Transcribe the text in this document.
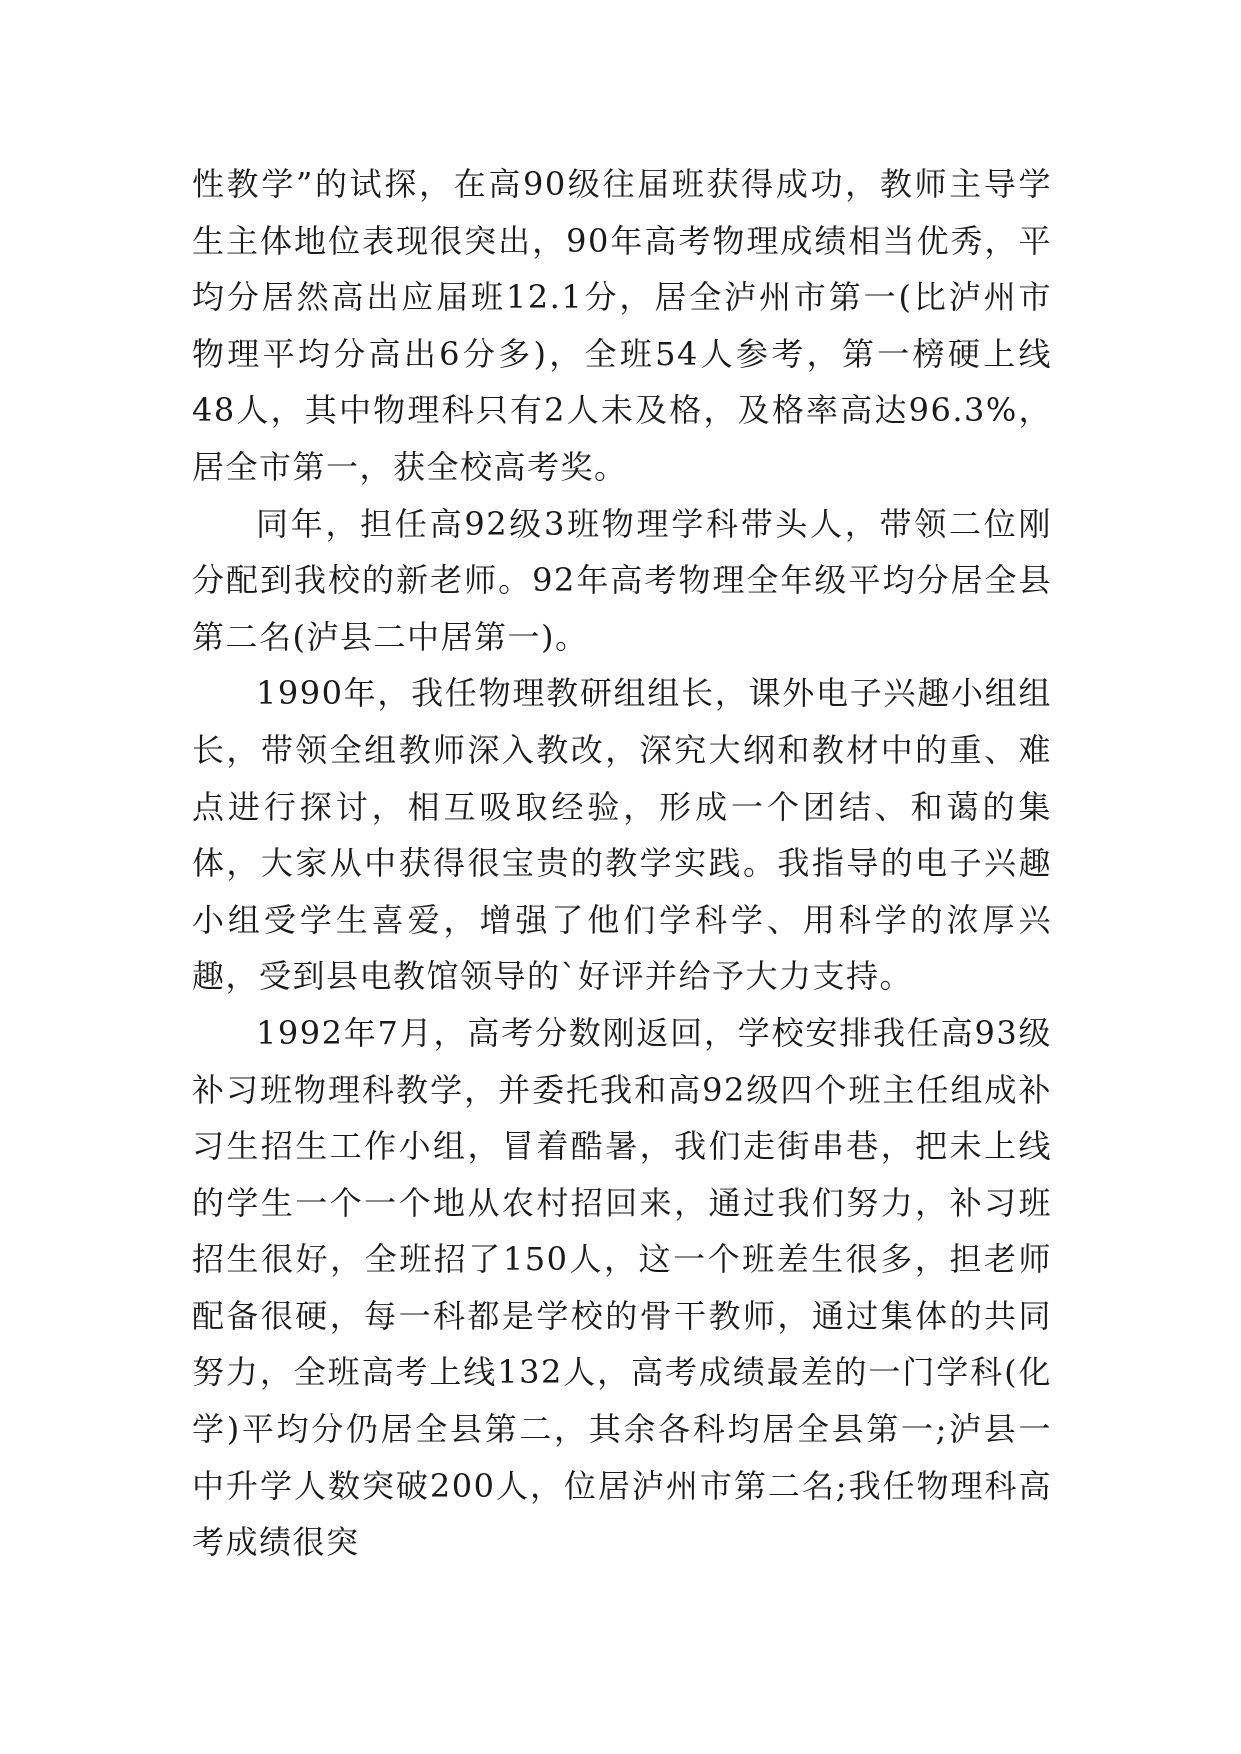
性教学”的试探，在高90级往届班获得成功，教师主导学生主体地位表现很突出，90年高考物理成绩相当优秀，平均分居然高出应届班12.1分，居全泸州市第一(比泸州市物理平均分高出6分多)，全班54人参考，第一榜硬上线48人，其中物理科只有2人未及格，及格率高达96.3%，居全市第一，获全校高考奖。

同年，担任高92级3班物理学科带头人，带领二位刚分配到我校的新老师。92年高考物理全年级平均分居全县第二名(泸县二中居第一)。

1990年，我任物理教研组组长，课外电子兴趣小组组长，带领全组教师深入教改，深究大纲和教材中的重、难点进行探讨，相互吸取经验，形成一个团结、和蔼的集体，大家从中获得很宝贵的教学实践。我指导的电子兴趣小组受学生喜爱，增强了他们学科学、用科学的浓厚兴趣，受到县电教馆领导的`好评并给予大力支持。

1992年7月，高考分数刚返回，学校安排我任高93级补习班物理科教学，并委托我和高92级四个班主任组成补习生招生工作小组，冒着酷暑，我们走街串巷，把未上线的学生一个一个地从农村招回来，通过我们努力，补习班招生很好，全班招了150人，这一个班差生很多，担老师配备很硬，每一科都是学校的骨干教师，通过集体的共同努力，全班高考上线132人，高考成绩最差的一门学科(化学)平均分仍居全县第二，其余各科均居全县第一;泸县一中升学人数突破200人，位居泸州市第二名;我任物理科高考成绩很突
